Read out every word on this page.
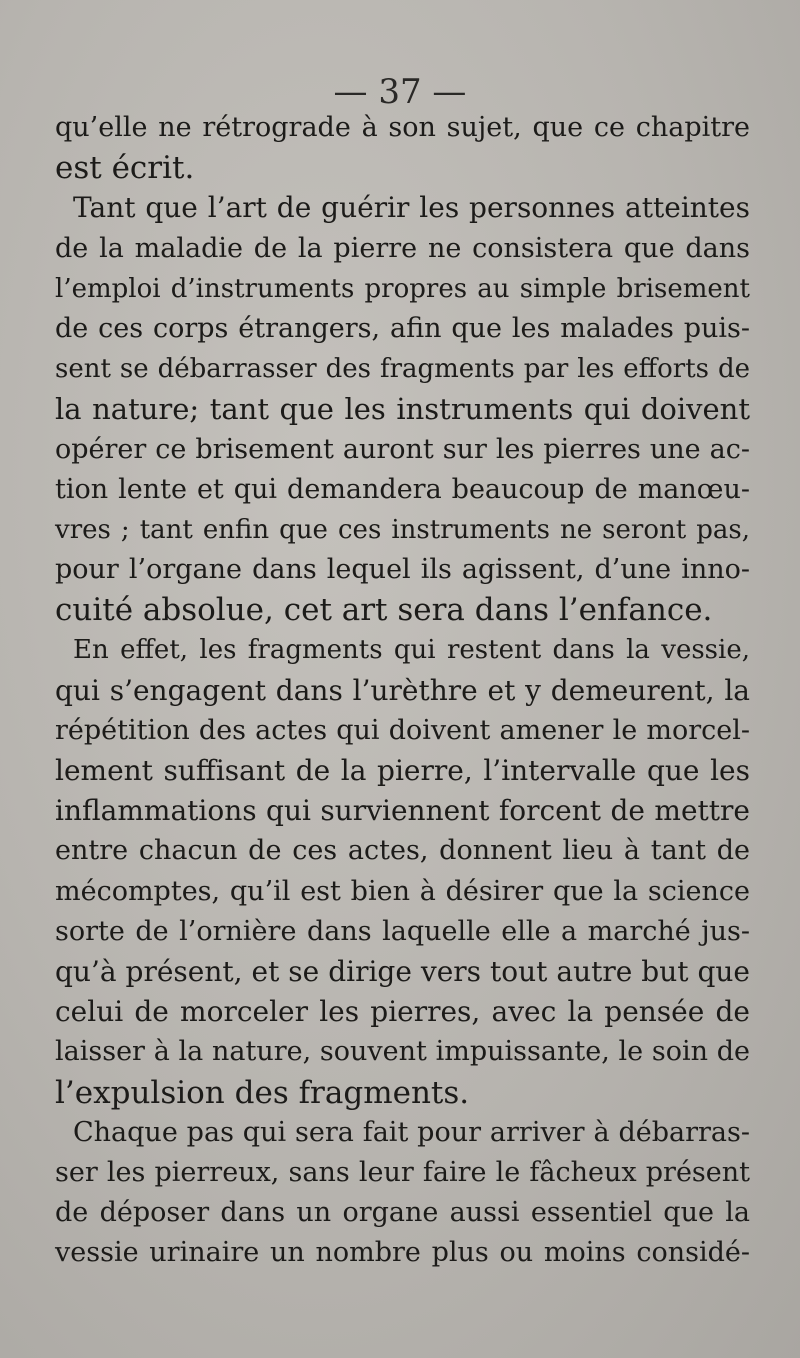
— 37 —
qu’elle ne rétrograde à son sujet, que ce chapitre
est écrit.
Tant que l’art de guérir les personnes atteintes
de la maladie de la pierre ne consistera que dans
l’emploi d’instruments propres au simple brisement
de ces corps étrangers, afin que les malades puis-
sent se débarrasser des fragments par les efforts de
la nature; tant que les instruments qui doivent
opérer ce brisement auront sur les pierres une ac-
tion lente et qui demandera beaucoup de manœu-
vres ; tant enfin que ces instruments ne seront pas,
pour l’organe dans lequel ils agissent, d’une inno-
cuité absolue, cet art sera dans l’enfance.
En effet, les fragments qui restent dans la vessie,
qui s’engagent dans l’urèthre et y demeurent, la
répétition des actes qui doivent amener le morcel-
lement suffisant de la pierre, l’intervalle que les
inflammations qui surviennent forcent de mettre
entre chacun de ces actes, donnent lieu à tant de
mécomptes, qu’il est bien à désirer que la science
sorte de l’ornière dans laquelle elle a marché jus-
qu’à présent, et se dirige vers tout autre but que
celui de morceler les pierres, avec la pensée de
laisser à la nature, souvent impuissante, le soin de
l’expulsion des fragments.
Chaque pas qui sera fait pour arriver à débarras-
ser les pierreux, sans leur faire le fâcheux présent
de déposer dans un organe aussi essentiel que la
vessie urinaire un nombre plus ou moins considé-
